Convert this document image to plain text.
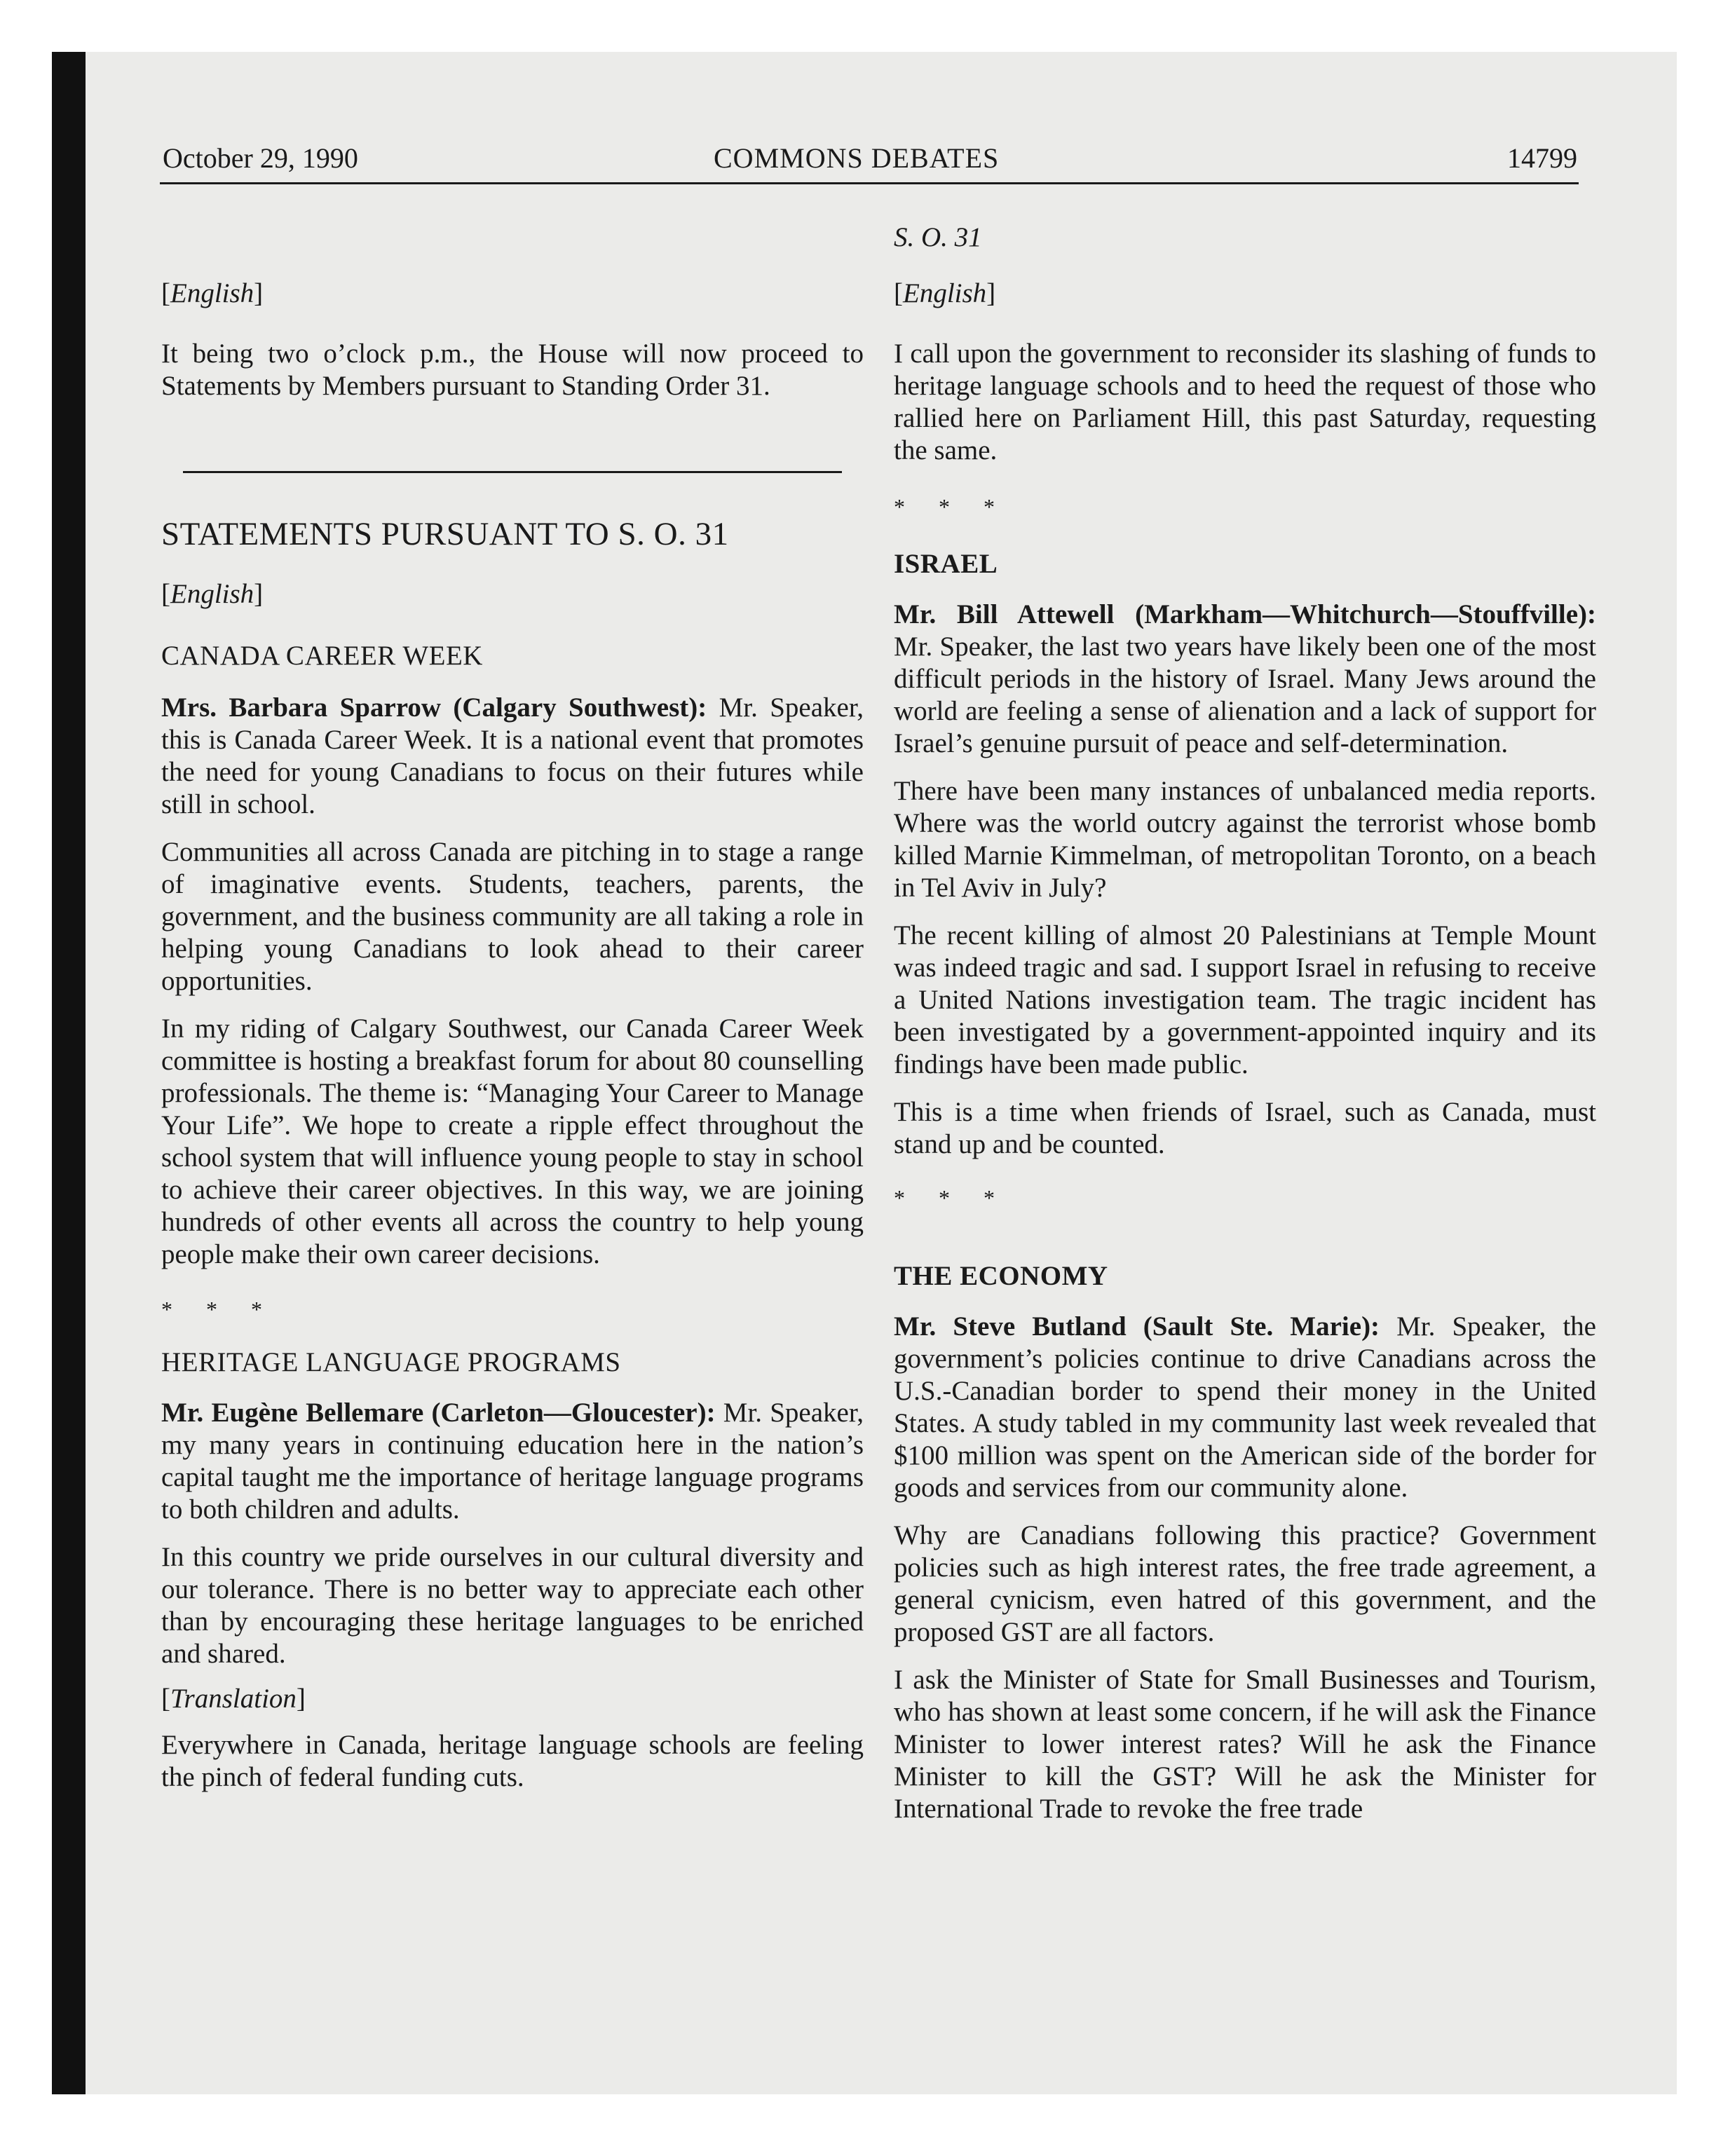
October 29, 1990	COMMONS DEBATES	14799

[English]

It being two o’clock p.m., the House will now proceed to Statements by Members pursuant to Standing Order 31.

STATEMENTS PURSUANT TO S. O. 31

[English]

CANADA CAREER WEEK

Mrs. Barbara Sparrow (Calgary Southwest): Mr. Speaker, this is Canada Career Week. It is a national event that promotes the need for young Canadians to focus on their futures while still in school.

Communities all across Canada are pitching in to stage a range of imaginative events. Students, teachers, parents, the government, and the business community are all taking a role in helping young Canadians to look ahead to their career opportunities.

In my riding of Calgary Southwest, our Canada Career Week committee is hosting a breakfast forum for about 80 counselling professionals. The theme is: “Managing Your Career to Manage Your Life”. We hope to create a ripple effect throughout the school system that will influence young people to stay in school to achieve their career objectives. In this way, we are joining hundreds of other events all across the country to help young people make their own career decisions.

* * *

HERITAGE LANGUAGE PROGRAMS

Mr. Eugène Bellemare (Carleton—Gloucester): Mr. Speaker, my many years in continuing education here in the nation’s capital taught me the importance of heritage language programs to both children and adults.

In this country we pride ourselves in our cultural diversity and our tolerance. There is no better way to appreciate each other than by encouraging these heritage languages to be enriched and shared.

[Translation]

Everywhere in Canada, heritage language schools are feeling the pinch of federal funding cuts.

S. O. 31

[English]

I call upon the government to reconsider its slashing of funds to heritage language schools and to heed the request of those who rallied here on Parliament Hill, this past Saturday, requesting the same.

* * *

ISRAEL

Mr. Bill Attewell (Markham—Whitchurch—Stouffville): Mr. Speaker, the last two years have likely been one of the most difficult periods in the history of Israel. Many Jews around the world are feeling a sense of alienation and a lack of support for Israel’s genuine pursuit of peace and self-determination.

There have been many instances of unbalanced media reports. Where was the world outcry against the terrorist whose bomb killed Marnie Kimmelman, of metropolitan Toronto, on a beach in Tel Aviv in July?

The recent killing of almost 20 Palestinians at Temple Mount was indeed tragic and sad. I support Israel in refusing to receive a United Nations investigation team. The tragic incident has been investigated by a government-appointed inquiry and its findings have been made public.

This is a time when friends of Israel, such as Canada, must stand up and be counted.

* * *

THE ECONOMY

Mr. Steve Butland (Sault Ste. Marie): Mr. Speaker, the government’s policies continue to drive Canadians across the U.S.-Canadian border to spend their money in the United States. A study tabled in my community last week revealed that $100 million was spent on the American side of the border for goods and services from our community alone.

Why are Canadians following this practice? Government policies such as high interest rates, the free trade agreement, a general cynicism, even hatred of this government, and the proposed GST are all factors.

I ask the Minister of State for Small Businesses and Tourism, who has shown at least some concern, if he will ask the Finance Minister to lower interest rates? Will he ask the Finance Minister to kill the GST? Will he ask the Minister for International Trade to revoke the free trade
